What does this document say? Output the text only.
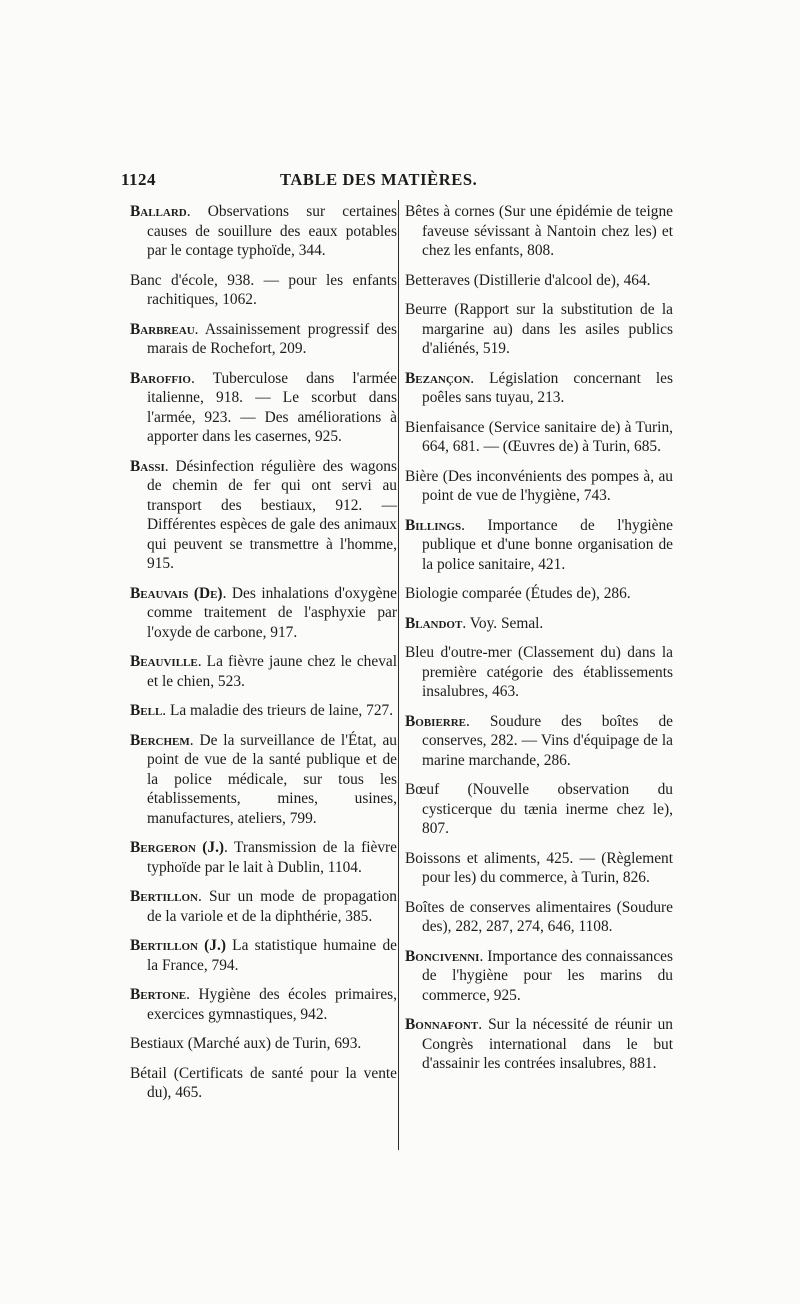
1124	TABLE DES MATIÈRES.

Ballard. Observations sur certaines causes de souillure des eaux potables par le contage typhoïde, 344.

Banc d'école, 938. — pour les enfants rachitiques, 1062.

Barbreau. Assainissement progressif des marais de Rochefort, 209.

Baroffio. Tuberculose dans l'armée italienne, 918. — Le scorbut dans l'armée, 923. — Des améliorations à apporter dans les casernes, 925.

Bassi. Désinfection régulière des wagons de chemin de fer qui ont servi au transport des bestiaux, 912. — Différentes espèces de gale des animaux qui peuvent se transmettre à l'homme, 915.

Beauvais (De). Des inhalations d'oxygène comme traitement de l'asphyxie par l'oxyde de carbone, 917.

Beauville. La fièvre jaune chez le cheval et le chien, 523.

Bell. La maladie des trieurs de laine, 727.

Berchem. De la surveillance de l'État, au point de vue de la santé publique et de la police médicale, sur tous les établissements, mines, usines, manufactures, ateliers, 799.

Bergeron (J.). Transmission de la fièvre typhoïde par le lait à Dublin, 1104.

Bertillon. Sur un mode de propagation de la variole et de la diphthérie, 385.

Bertillon (J.) La statistique humaine de la France, 794.

Bertone. Hygiène des écoles primaires, exercices gymnastiques, 942.

Bestiaux (Marché aux) de Turin, 693.

Bétail (Certificats de santé pour la vente du), 465.

Bêtes à cornes (Sur une épidémie de teigne faveuse sévissant à Nantoin chez les) et chez les enfants, 808.

Betteraves (Distillerie d'alcool de), 464.

Beurre (Rapport sur la substitution de la margarine au) dans les asiles publics d'aliénés, 519.

Bezançon. Législation concernant les poêles sans tuyau, 213.

Bienfaisance (Service sanitaire de) à Turin, 664, 681. — (Œuvres de) à Turin, 685.

Bière (Des inconvénients des pompes à, au point de vue de l'hygiène, 743.

Billings. Importance de l'hygiène publique et d'une bonne organisation de la police sanitaire, 421.

Biologie comparée (Études de), 286.

Blandot. Voy. Semal.

Bleu d'outre-mer (Classement du) dans la première catégorie des établissements insalubres, 463.

Bobierre. Soudure des boîtes de conserves, 282. — Vins d'équipage de la marine marchande, 286.

Bœuf (Nouvelle observation du cysticerque du tænia inerme chez le), 807.

Boissons et aliments, 425. — (Règlement pour les) du commerce, à Turin, 826.

Boîtes de conserves alimentaires (Soudure des), 282, 287, 274, 646, 1108.

Boncivenni. Importance des connaissances de l'hygiène pour les marins du commerce, 925.

Bonnafont. Sur la nécessité de réunir un Congrès international dans le but d'assainir les contrées insalubres, 881.
